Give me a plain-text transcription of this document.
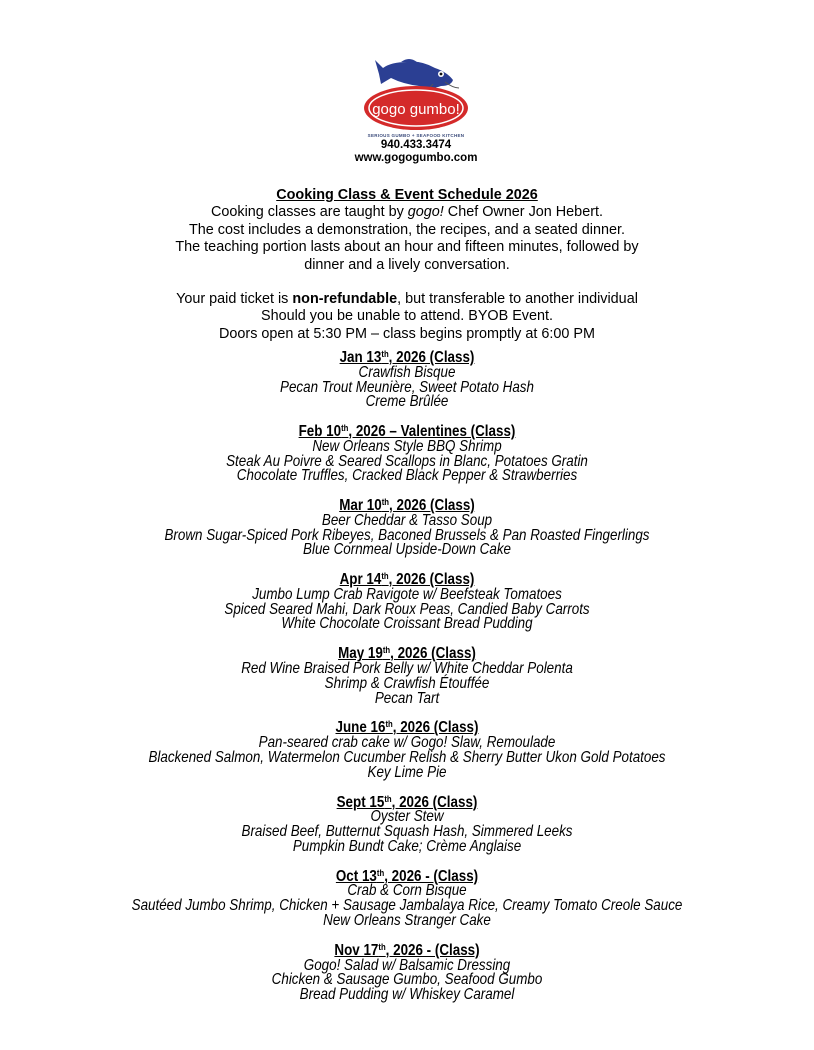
gogo gumbo!
SERIOUS GUMBO + SEAFOOD KITCHEN
940.433.3474
www.gogogumbo.com

Cooking Class & Event Schedule 2026

Cooking classes are taught by gogo! Chef Owner Jon Hebert.

The cost includes a demonstration, the recipes, and a seated dinner.

The teaching portion lasts about an hour and fifteen minutes, followed by

dinner and a lively conversation.

Your paid ticket is non-refundable, but transferable to another individual

Should you be unable to attend. BYOB Event.

Doors open at 5:30 PM – class begins promptly at 6:00 PM

Jan 13th, 2026 (Class)
Crawfish Bisque
Pecan Trout Meunière, Sweet Potato Hash
Creme Brûlée
Feb 10th, 2026 – Valentines (Class)
New Orleans Style BBQ Shrimp
Steak Au Poivre & Seared Scallops in Blanc, Potatoes Gratin
Chocolate Truffles, Cracked Black Pepper & Strawberries
Mar 10th, 2026 (Class)
Beer Cheddar & Tasso Soup
Brown Sugar-Spiced Pork Ribeyes, Baconed Brussels & Pan Roasted Fingerlings
Blue Cornmeal Upside-Down Cake
Apr 14th, 2026 (Class)
Jumbo Lump Crab Ravigote w/ Beefsteak Tomatoes
Spiced Seared Mahi, Dark Roux Peas, Candied Baby Carrots
White Chocolate Croissant Bread Pudding
May 19th, 2026 (Class)
Red Wine Braised Pork Belly w/ White Cheddar Polenta
Shrimp & Crawfish Étouffée
Pecan Tart
June 16th, 2026 (Class)
Pan-seared crab cake w/ Gogo! Slaw, Remoulade
Blackened Salmon, Watermelon Cucumber Relish & Sherry Butter Ukon Gold Potatoes
Key Lime Pie
Sept 15th, 2026 (Class)
Oyster Stew
Braised Beef, Butternut Squash Hash, Simmered Leeks
Pumpkin Bundt Cake; Crème Anglaise
Oct 13th, 2026 - (Class)
Crab & Corn Bisque
Sautéed Jumbo Shrimp, Chicken + Sausage Jambalaya Rice, Creamy Tomato Creole Sauce
New Orleans Stranger Cake
Nov 17th, 2026 - (Class)
Gogo! Salad w/ Balsamic Dressing
Chicken & Sausage Gumbo, Seafood Gumbo
Bread Pudding w/ Whiskey Caramel
